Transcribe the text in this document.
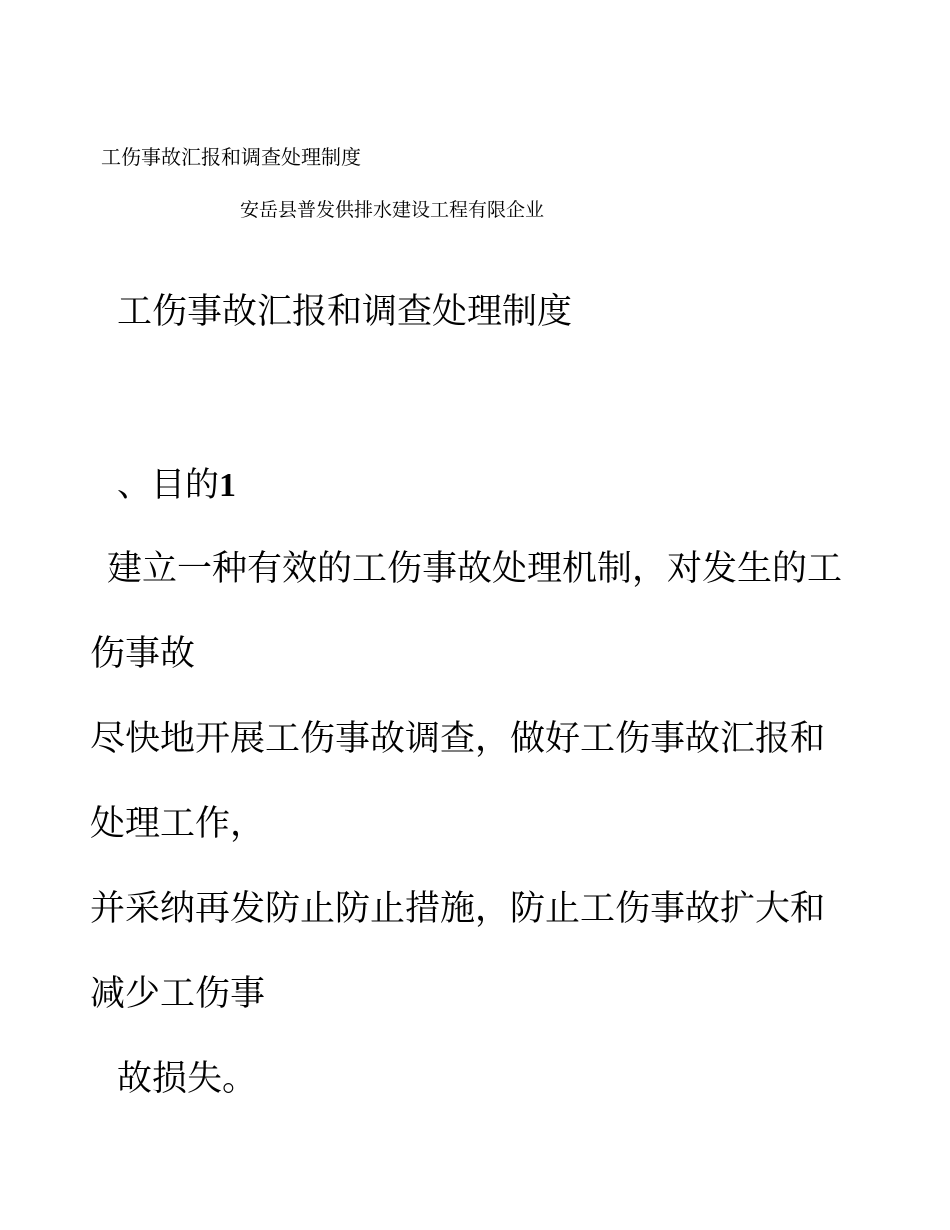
工伤事故汇报和调查处理制度
安岳县普发供排水建设工程有限企业
工伤事故汇报和调查处理制度
、目的1
建立一种有效的工伤事故处理机制，对发生的工
伤事故
尽快地开展工伤事故调查，做好工伤事故汇报和
处理工作，
并采纳再发防止防止措施，防止工伤事故扩大和
减少工伤事
故损失。
